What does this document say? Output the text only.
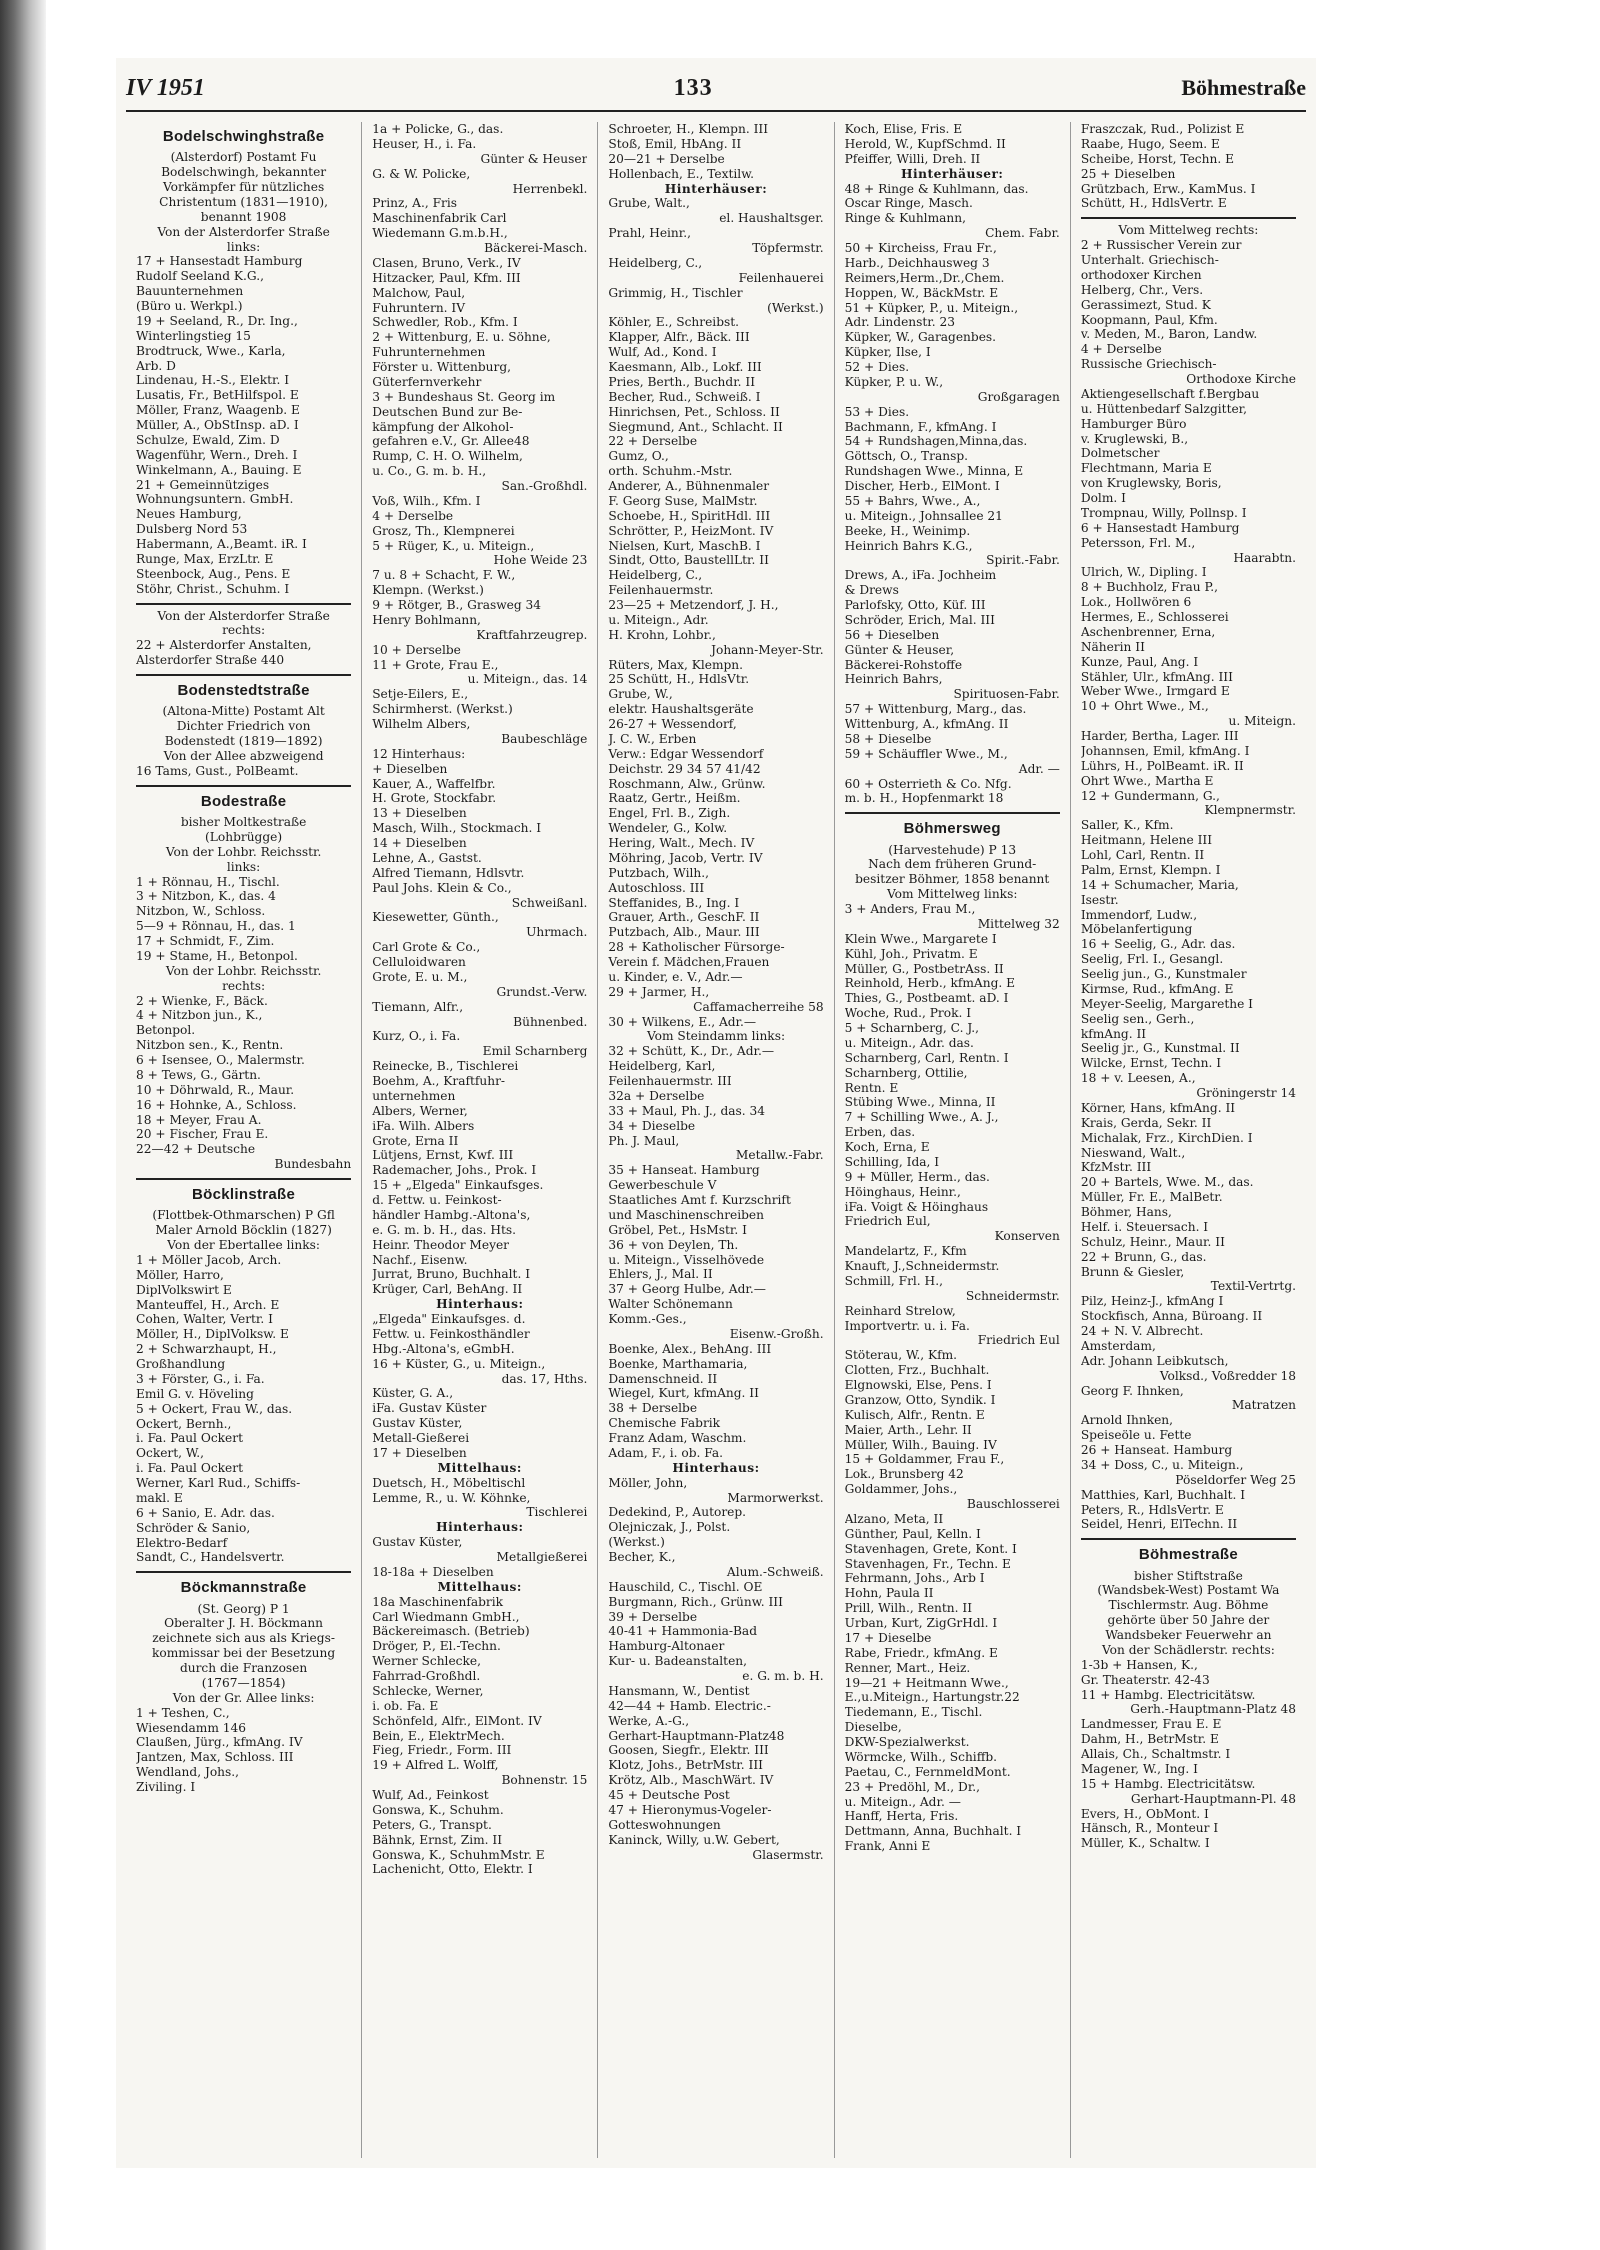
IV 1951	133	Böhmestraße
Bodelschwinghstraße
(Alsterdorf) Postamt Fu
Bodelschwingh, bekannter
Vorkämpfer für nützliches
Christentum (1831—1910),
benannt 1908
Von der Alsterdorfer Straße
links:
17 + Hansestadt Hamburg
Rudolf Seeland K.G.,
Bauunternehmen
(Büro u. Werkpl.)
19 + Seeland, R., Dr. Ing.,
Winterlingstieg 15
Brodtruck, Wwe., Karla,
Arb. D
Lindenau, H.-S., Elektr. I
Lusatis, Fr., BetHilfspol. E
Möller, Franz, Waagenb. E
Müller, A., ObStInsp. aD. I
Schulze, Ewald, Zim. D
Wagenführ, Wern., Dreh. I
Winkelmann, A., Bauing. E
21 + Gemeinnütziges
Wohnungsuntern. GmbH.
Neues Hamburg,
Dulsberg Nord 53
Habermann, A.,Beamt. iR. I
Runge, Max, ErzLtr. E
Steenbock, Aug., Pens. E
Stöhr, Christ., Schuhm. I
Von der Alsterdorfer Straße
rechts:
22 + Alsterdorfer Anstalten,
Alsterdorfer Straße 440
Bodenstedtstraße
(Altona-Mitte) Postamt Alt
Dichter Friedrich von
Bodenstedt (1819—1892)
Von der Allee abzweigend
16 Tams, Gust., PolBeamt.
Bodestraße
bisher Moltkestraße
(Lohbrügge)
Von der Lohbr. Reichsstr.
links:
1 + Rönnau, H., Tischl.
3 + Nitzbon, K., das. 4
Nitzbon, W., Schloss.
5—9 + Rönnau, H., das. 1
17 + Schmidt, F., Zim.
19 + Stame, H., Betonpol.
Von der Lohbr. Reichsstr.
rechts:
2 + Wienke, F., Bäck.
4 + Nitzbon jun., K.,
Betonpol.
Nitzbon sen., K., Rentn.
6 + Isensee, O., Malermstr.
8 + Tews, G., Gärtn.
10 + Döhrwald, R., Maur.
16 + Hohnke, A., Schloss.
18 + Meyer, Frau A.
20 + Fischer, Frau E.
22—42 + Deutsche
Bundesbahn
Böcklinstraße
(Flottbek-Othmarschen) P Gfl
Maler Arnold Böcklin (1827)
Von der Ebertallee links:
1 + Möller Jacob, Arch.
Möller, Harro,
DiplVolkswirt E
Manteuffel, H., Arch. E
Cohen, Walter, Vertr. I
Möller, H., DiplVolksw. E
2 + Schwarzhaupt, H.,
Großhandlung
3 + Förster, G., i. Fa.
Emil G. v. Höveling
5 + Ockert, Frau W., das.
Ockert, Bernh.,
i. Fa. Paul Ockert
Ockert, W.,
i. Fa. Paul Ockert
Werner, Karl Rud., Schiffs-
makl. E
6 + Sanio, E. Adr. das.
Schröder & Sanio,
Elektro-Bedarf
Sandt, C., Handelsvertr.
Böckmannstraße
(St. Georg) P 1
Oberalter J. H. Böckmann
zeichnete sich aus als Kriegs-
kommissar bei der Besetzung
durch die Franzosen
(1767—1854)
Von der Gr. Allee links:
1 + Teshen, C.,
Wiesendamm 146
Claußen, Jürg., kfmAng. IV
Jantzen, Max, Schloss. III
Wendland, Johs.,
Ziviling. I
1a + Policke, G., das.
Heuser, H., i. Fa.
Günter & Heuser
G. & W. Policke,
Herrenbekl.
Prinz, A., Fris
Maschinenfabrik Carl
Wiedemann G.m.b.H.,
Bäckerei-Masch.
Clasen, Bruno, Verk., IV
Hitzacker, Paul, Kfm. III
Malchow, Paul,
Fuhruntern. IV
Schwedler, Rob., Kfm. I
2 + Wittenburg, E. u. Söhne,
Fuhrunternehmen
Förster u. Wittenburg,
Güterfernverkehr
3 + Bundeshaus St. Georg im
Deutschen Bund zur Be-
kämpfung der Alkohol-
gefahren e.V., Gr. Allee48
Rump, C. H. O. Wilhelm,
u. Co., G. m. b. H.,
San.-Großhdl.
Voß, Wilh., Kfm. I
4 + Derselbe
Grosz, Th., Klempnerei
5 + Rüger, K., u. Miteign.,
Hohe Weide 23
7 u. 8 + Schacht, F. W.,
Klempn. (Werkst.)
9 + Rötger, B., Grasweg 34
Henry Bohlmann,
Kraftfahrzeugrep.
10 + Derselbe
11 + Grote, Frau E.,
u. Miteign., das. 14
Setje-Eilers, E.,
Schirmherst. (Werkst.)
Wilhelm Albers,
Baubeschläge
12 Hinterhaus:
+ Dieselben
Kauer, A., Waffelfbr.
H. Grote, Stockfabr.
13 + Dieselben
Masch, Wilh., Stockmach. I
14 + Dieselben
Lehne, A., Gastst.
Alfred Tiemann, Hdlsvtr.
Paul Johs. Klein & Co.,
Schweißanl.
Kiesewetter, Günth.,
Uhrmach.
Carl Grote & Co.,
Celluloidwaren
Grote, E. u. M.,
Grundst.-Verw.
Tiemann, Alfr.,
Bühnenbed.
Kurz, O., i. Fa.
Emil Scharnberg
Reinecke, B., Tischlerei
Boehm, A., Kraftfuhr-
unternehmen
Albers, Werner,
iFa. Wilh. Albers
Grote, Erna II
Lütjens, Ernst, Kwf. III
Rademacher, Johs., Prok. I
15 + „Elgeda" Einkaufsges.
d. Fettw. u. Feinkost-
händler Hambg.-Altona's,
e. G. m. b. H., das. Hts.
Heinr. Theodor Meyer
Nachf., Eisenw.
Jurrat, Bruno, Buchhalt. I
Krüger, Carl, BehAng. II
Hinterhaus:
„Elgeda" Einkaufsges. d.
Fettw. u. Feinkosthändler
Hbg.-Altona's, eGmbH.
16 + Küster, G., u. Miteign.,
das. 17, Hths.
Küster, G. A.,
iFa. Gustav Küster
Gustav Küster,
Metall-Gießerei
17 + Dieselben
Mittelhaus:
Duetsch, H., Möbeltischl
Lemme, R., u. W. Köhnke,
Tischlerei
Hinterhaus:
Gustav Küster,
Metallgießerei
18-18a + Dieselben
Mittelhaus:
18a Maschinenfabrik
Carl Wiedmann GmbH.,
Bäckereimasch. (Betrieb)
Dröger, P., El.-Techn.
Werner Schlecke,
Fahrrad-Großhdl.
Schlecke, Werner,
i. ob. Fa. E
Schönfeld, Alfr., ElMont. IV
Bein, E., ElektrMech.
Fieg, Friedr., Form. III
19 + Alfred L. Wolff,
Bohnenstr. 15
Wulf, Ad., Feinkost
Gonswa, K., Schuhm.
Peters, G., Transpt.
Bähnk, Ernst, Zim. II
Gonswa, K., SchuhmMstr. E
Lachenicht, Otto, Elektr. I
Schroeter, H., Klempn. III
Stoß, Emil, HbAng. II
20—21 + Derselbe
Hollenbach, E., Textilw.
Hinterhäuser:
Grube, Walt.,
el. Haushaltsger.
Prahl, Heinr.,
Töpfermstr.
Heidelberg, C.,
Feilenhauerei
Grimmig, H., Tischler
(Werkst.)
Köhler, E., Schreibst.
Klapper, Alfr., Bäck. III
Wulf, Ad., Kond. I
Kaesmann, Alb., Lokf. III
Pries, Berth., Buchdr. II
Becher, Rud., Schweiß. I
Hinrichsen, Pet., Schloss. II
Siegmund, Ant., Schlacht. II
22 + Derselbe
Gumz, O.,
orth. Schuhm.-Mstr.
Anderer, A., Bühnenmaler
F. Georg Suse, MalMstr.
Schoebe, H., SpiritHdl. III
Schrötter, P., HeizMont. IV
Nielsen, Kurt, MaschB. I
Sindt, Otto, BaustellLtr. II
Heidelberg, C.,
Feilenhauermstr.
23—25 + Metzendorf, J. H.,
u. Miteign., Adr.
H. Krohn, Lohbr.,
Johann-Meyer-Str.
Rüters, Max, Klempn.
25 Schütt, H., HdlsVtr.
Grube, W.,
elektr. Haushaltsgeräte
26-27 + Wessendorf,
J. C. W., Erben
Verw.: Edgar Wessendorf
Deichstr. 29 34 57 41/42
Roschmann, Alw., Grünw.
Raatz, Gertr., Heißm.
Engel, Frl. B., Zigh.
Wendeler, G., Kolw.
Hering, Walt., Mech. IV
Möhring, Jacob, Vertr. IV
Putzbach, Wilh.,
Autoschloss. III
Steffanides, B., Ing. I
Grauer, Arth., GeschF. II
Putzbach, Alb., Maur. III
28 + Katholischer Fürsorge-
Verein f. Mädchen,Frauen
u. Kinder, e. V., Adr.—
29 + Jarmer, H.,
Caffamacherreihe 58
30 + Wilkens, E., Adr.—
Vom Steindamm links:
32 + Schütt, K., Dr., Adr.—
Heidelberg, Karl,
Feilenhauermstr. III
32a + Derselbe
33 + Maul, Ph. J., das. 34
34 + Dieselbe
Ph. J. Maul,
Metallw.-Fabr.
35 + Hanseat. Hamburg
Gewerbeschule V
Staatliches Amt f. Kurzschrift
und Maschinenschreiben
Gröbel, Pet., HsMstr. I
36 + von Deylen, Th.
u. Miteign., Visselhövede
Ehlers, J., Mal. II
37 + Georg Hulbe, Adr.—
Walter Schönemann
Komm.-Ges.,
Eisenw.-Großh.
Boenke, Alex., BehAng. III
Boenke, Marthamaria,
Damenschneid. II
Wiegel, Kurt, kfmAng. II
38 + Derselbe
Chemische Fabrik
Franz Adam, Waschm.
Adam, F., i. ob. Fa.
Hinterhaus:
Möller, John,
Marmorwerkst.
Dedekind, P., Autorep.
Olejniczak, J., Polst.
(Werkst.)
Becher, K.,
Alum.-Schweiß.
Hauschild, C., Tischl. OE
Burgmann, Rich., Grünw. III
39 + Derselbe
40-41 + Hammonia-Bad
Hamburg-Altonaer
Kur- u. Badeanstalten,
e. G. m. b. H.
Hansmann, W., Dentist
42—44 + Hamb. Electric.-
Werke, A.-G.,
Gerhart-Hauptmann-Platz48
Goosen, Siegfr., Elektr. III
Klotz, Johs., BetrMstr. III
Krötz, Alb., MaschWärt. IV
45 + Deutsche Post
47 + Hieronymus-Vogeler-
Gotteswohnungen
Kaninck, Willy, u.W. Gebert,
Glasermstr.
Koch, Elise, Fris. E
Herold, W., KupfSchmd. II
Pfeiffer, Willi, Dreh. II
Hinterhäuser:
48 + Ringe & Kuhlmann, das.
Oscar Ringe, Masch.
Ringe & Kuhlmann,
Chem. Fabr.
50 + Kircheiss, Frau Fr.,
Harb., Deichhausweg 3
Reimers,Herm.,Dr.,Chem.
Hoppen, W., BäckMstr. E
51 + Küpker, P., u. Miteign.,
Adr. Lindenstr. 23
Küpker, W., Garagenbes.
Küpker, Ilse, I
52 + Dies.
Küpker, P. u. W.,
Großgaragen
53 + Dies.
Bachmann, F., kfmAng. I
54 + Rundshagen,Minna,das.
Göttsch, O., Transp.
Rundshagen Wwe., Minna, E
Discher, Herb., ElMont. I
55 + Bahrs, Wwe., A.,
u. Miteign., Johnsallee 21
Beeke, H., Weinimp.
Heinrich Bahrs K.G.,
Spirit.-Fabr.
Drews, A., iFa. Jochheim
& Drews
Parlofsky, Otto, Küf. III
Schröder, Erich, Mal. III
56 + Dieselben
Günter & Heuser,
Bäckerei-Rohstoffe
Heinrich Bahrs,
Spirituosen-Fabr.
57 + Wittenburg, Marg., das.
Wittenburg, A., kfmAng. II
58 + Dieselbe
59 + Schäuffler Wwe., M.,
Adr. —
60 + Osterrieth & Co. Nfg.
m. b. H., Hopfenmarkt 18
Böhmersweg
(Harvestehude) P 13
Nach dem früheren Grund-
besitzer Böhmer, 1858 benannt
Vom Mittelweg links:
3 + Anders, Frau M.,
Mittelweg 32
Klein Wwe., Margarete I
Kühl, Joh., Privatm. E
Müller, G., PostbetrAss. II
Reinhold, Herb., kfmAng. E
Thies, G., Postbeamt. aD. I
Woche, Rud., Prok. I
5 + Scharnberg, C. J.,
u. Miteign., Adr. das.
Scharnberg, Carl, Rentn. I
Scharnberg, Ottilie,
Rentn. E
Stübing Wwe., Minna, II
7 + Schilling Wwe., A. J.,
Erben, das.
Koch, Erna, E
Schilling, Ida, I
9 + Müller, Herm., das.
Höinghaus, Heinr.,
iFa. Voigt & Höinghaus
Friedrich Eul,
Konserven
Mandelartz, F., Kfm
Knauft, J.,Schneidermstr.
Schmill, Frl. H.,
Schneidermstr.
Reinhard Strelow,
Importvertr. u. i. Fa.
Friedrich Eul
Stöterau, W., Kfm.
Clotten, Frz., Buchhalt.
Elgnowski, Else, Pens. I
Granzow, Otto, Syndik. I
Kulisch, Alfr., Rentn. E
Maier, Arth., Lehr. II
Müller, Wilh., Bauing. IV
15 + Goldammer, Frau F.,
Lok., Brunsberg 42
Goldammer, Johs.,
Bauschlosserei
Alzano, Meta, II
Günther, Paul, Kelln. I
Stavenhagen, Grete, Kont. I
Stavenhagen, Fr., Techn. E
Fehrmann, Johs., Arb I
Hohn, Paula II
Prill, Wilh., Rentn. II
Urban, Kurt, ZigGrHdl. I
17 + Dieselbe
Rabe, Friedr., kfmAng. E
Renner, Mart., Heiz.
19—21 + Heitmann Wwe.,
E.,u.Miteign., Hartungstr.22
Tiedemann, E., Tischl.
Dieselbe,
DKW-Spezialwerkst.
Wörmcke, Wilh., Schiffb.
Paetau, C., FernmeldMont.
23 + Predöhl, M., Dr.,
u. Miteign., Adr. —
Hanff, Herta, Fris.
Dettmann, Anna, Buchhalt. I
Frank, Anni E
Fraszczak, Rud., Polizist E
Raabe, Hugo, Seem. E
Scheibe, Horst, Techn. E
25 + Dieselben
Grützbach, Erw., KamMus. I
Schütt, H., HdlsVertr. E
Vom Mittelweg rechts:
2 + Russischer Verein zur
Unterhalt. Griechisch-
orthodoxer Kirchen
Helberg, Chr., Vers.
Gerassimezt, Stud. K
Koopmann, Paul, Kfm.
v. Meden, M., Baron, Landw.
4 + Derselbe
Russische Griechisch-
Orthodoxe Kirche
Aktiengesellschaft f.Bergbau
u. Hüttenbedarf Salzgitter,
Hamburger Büro
v. Kruglewski, B.,
Dolmetscher
Flechtmann, Maria E
von Kruglewsky, Boris,
Dolm. I
Trompnau, Willy, Pollnsp. I
6 + Hansestadt Hamburg
Petersson, Frl. M.,
Haarabtn.
Ulrich, W., Dipling. I
8 + Buchholz, Frau P.,
Lok., Hollwören 6
Hermes, E., Schlosserei
Aschenbrenner, Erna,
Näherin II
Kunze, Paul, Ang. I
Stähler, Ulr., kfmAng. III
Weber Wwe., Irmgard E
10 + Ohrt Wwe., M.,
u. Miteign.
Harder, Bertha, Lager. III
Johannsen, Emil, kfmAng. I
Lührs, H., PolBeamt. iR. II
Ohrt Wwe., Martha E
12 + Gundermann, G.,
Klempnermstr.
Saller, K., Kfm.
Heitmann, Helene III
Lohl, Carl, Rentn. II
Palm, Ernst, Klempn. I
14 + Schumacher, Maria,
Isestr.
Immendorf, Ludw.,
Möbelanfertigung
16 + Seelig, G., Adr. das.
Seelig, Frl. I., Gesangl.
Seelig jun., G., Kunstmaler
Kirmse, Rud., kfmAng. E
Meyer-Seelig, Margarethe I
Seelig sen., Gerh.,
kfmAng. II
Seelig jr., G., Kunstmal. II
Wilcke, Ernst, Techn. I
18 + v. Leesen, A.,
Gröningerstr 14
Körner, Hans, kfmAng. II
Krais, Gerda, Sekr. II
Michalak, Frz., KirchDien. I
Nieswand, Walt.,
KfzMstr. III
20 + Bartels, Wwe. M., das.
Müller, Fr. E., MalBetr.
Böhmer, Hans,
Helf. i. Steuersach. I
Schulz, Heinr., Maur. II
22 + Brunn, G., das.
Brunn & Giesler,
Textil-Vertrtg.
Pilz, Heinz-J., kfmAng I
Stockfisch, Anna, Büroang. II
24 + N. V. Albrecht.
Amsterdam,
Adr. Johann Leibkutsch,
Volksd., Voßredder 18
Georg F. Ihnken,
Matratzen
Arnold Ihnken,
Speiseöle u. Fette
26 + Hanseat. Hamburg
34 + Doss, C., u. Miteign.,
Pöseldorfer Weg 25
Matthies, Karl, Buchhalt. I
Peters, R., HdlsVertr. E
Seidel, Henri, ElTechn. II
Böhmestraße
bisher Stiftstraße
(Wandsbek-West) Postamt Wa
Tischlermstr. Aug. Böhme
gehörte über 50 Jahre der
Wandsbeker Feuerwehr an
Von der Schädlerstr. rechts:
1-3b + Hansen, K.,
Gr. Theaterstr. 42-43
11 + Hambg. Electricitätsw.
Gerh.-Hauptmann-Platz 48
Landmesser, Frau E. E
Dahm, H., BetrMstr. E
Allais, Ch., Schaltmstr. I
Magener, W., Ing. I
15 + Hambg. Electricitätsw.
Gerhart-Hauptmann-Pl. 48
Evers, H., ObMont. I
Hänsch, R., Monteur I
Müller, K., Schaltw. I
